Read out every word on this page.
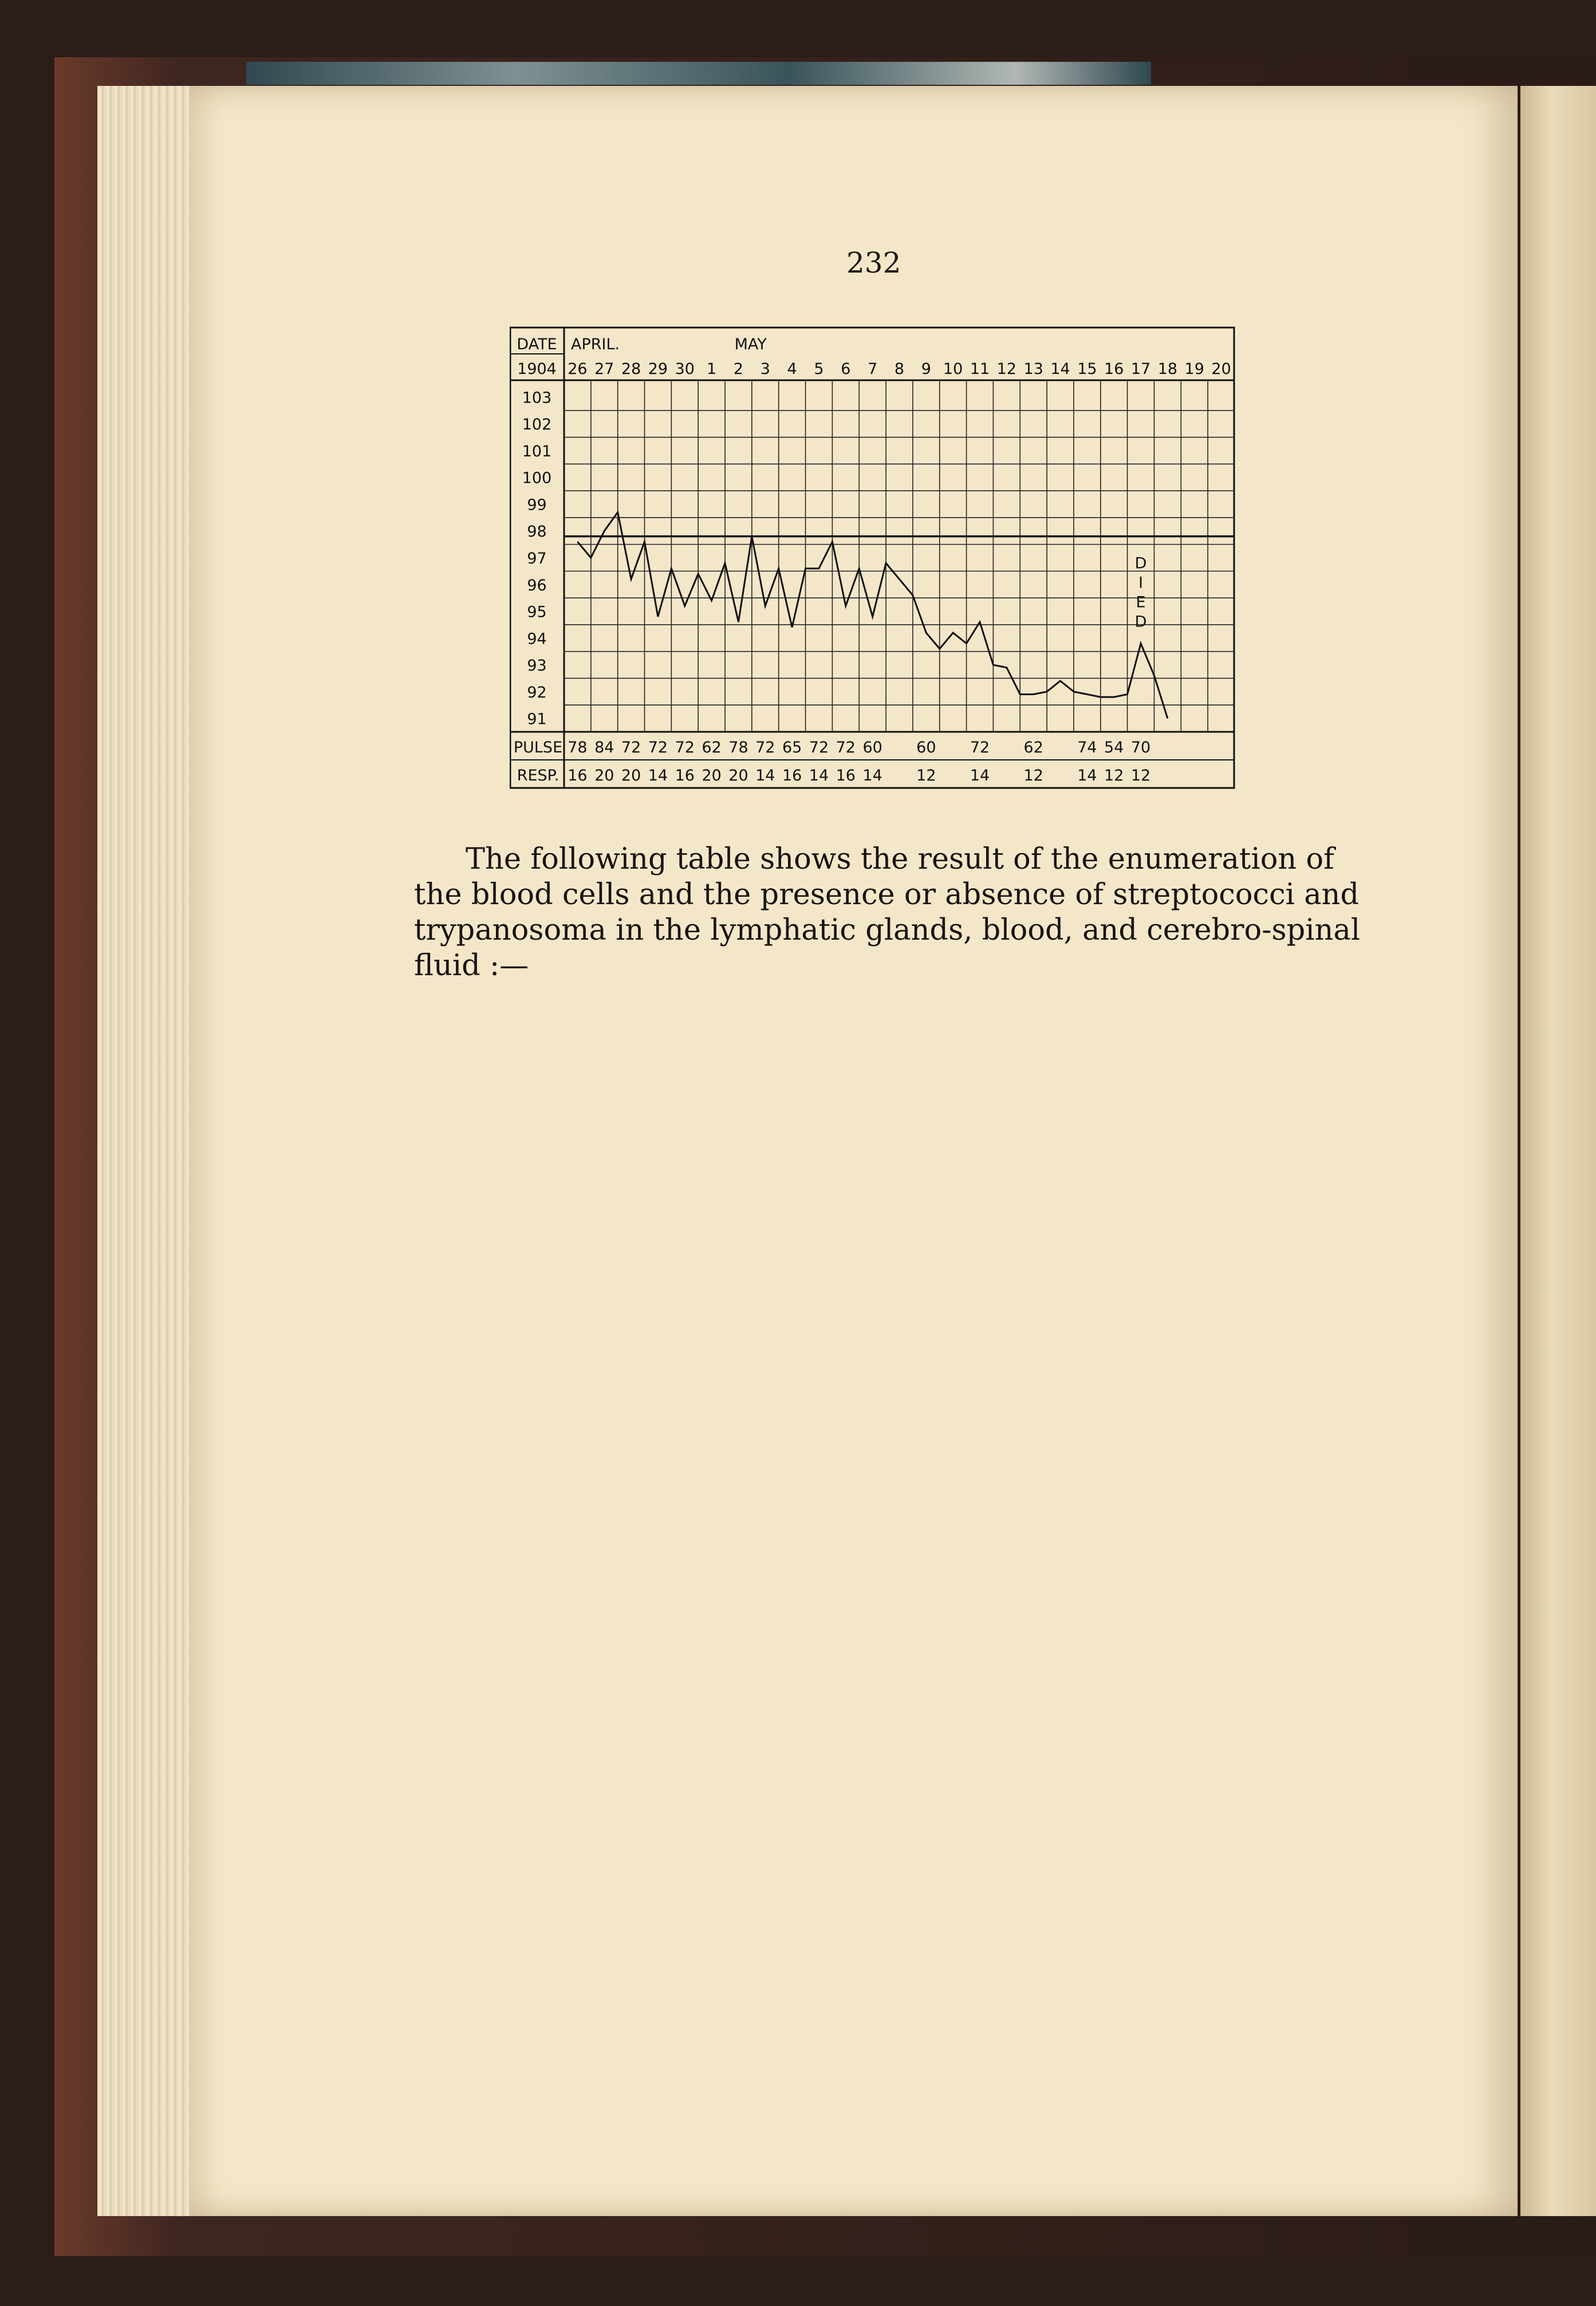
232
DATE
1904
APRIL.	MAY
26 27 28 29 30 1 2 3 4 5 6 7 8 9 10 11 12 13 14 15 16 17 18 19 20
103
102
101
100
99
98
97
96
95
94
93
92
91
D
I
E
D
.
PULSE
RESP.
78 84 72 72 72 62 78 72 65 72 72 60 60 72 62 74 54 70
16 20 20 14 16 20 20 14 16 14 16 14 12 14 12 14 12 12
The following table shows the result of the enumeration of
the blood cells and the presence or absence of streptococci and
trypanosoma in the lymphatic glands, blood, and cerebro-spinal
fluid :—
